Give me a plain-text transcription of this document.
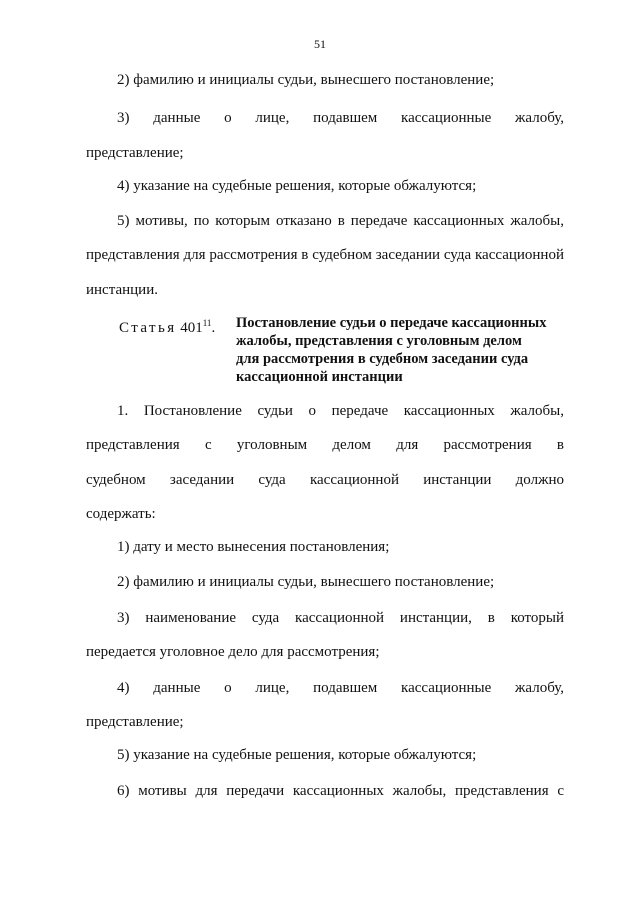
51
2) фамилию и инициалы судьи, вынесшего постановление;
3) данные о лице, подавшем кассационные жалобу,
представление;
4) указание на судебные решения, которые обжалуются;
5) мотивы, по которым отказано в передаче кассационных жалобы,
представления для рассмотрения в судебном заседании суда кассационной
инстанции.
Статья $401^{11}$. Постановление судьи о передаче кассационных
жалобы, представления с уголовным делом
для рассмотрения в судебном заседании суда
кассационной инстанции
1. Постановление судьи о передаче кассационных жалобы,
представления с уголовным делом для рассмотрения в
судебном заседании суда кассационной инстанции должно
содержать:
1) дату и место вынесения постановления;
2) фамилию и инициалы судьи, вынесшего постановление;
3) наименование суда кассационной инстанции, в который
передается уголовное дело для рассмотрения;
4) данные о лице, подавшем кассационные жалобу,
представление;
5) указание на судебные решения, которые обжалуются;
6) мотивы для передачи кассационных жалобы, представления с
